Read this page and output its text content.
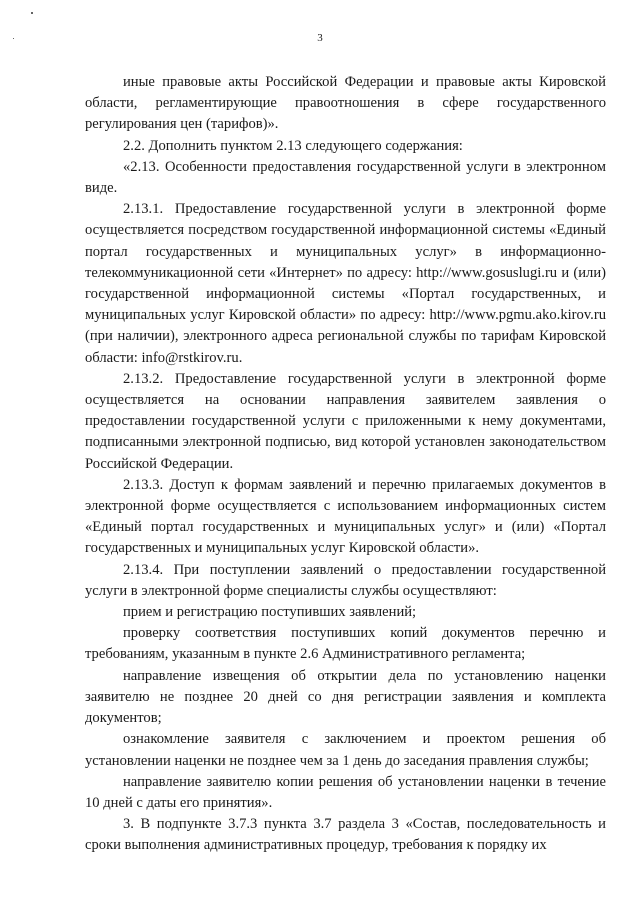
3

иные правовые акты Российской Федерации и правовые акты Кировской области, регламентирующие правоотношения в сфере государственного регулирования цен (тарифов)».

2.2. Дополнить пунктом 2.13 следующего содержания:

«2.13. Особенности предоставления государственной услуги в электронном виде.

2.13.1. Предоставление государственной услуги в электронной форме осуществляется посредством государственной информационной системы «Единый портал государственных и муниципальных услуг» в информационно-телекоммуникационной сети «Интернет» по адресу: http://www.gosuslugi.ru и (или) государственной информационной системы «Портал государственных, и муниципальных услуг Кировской области» по адресу: http://www.pgmu.ako.kirov.ru (при наличии), электронного адреса региональной службы по тарифам Кировской области: info@rstkirov.ru.

2.13.2. Предоставление государственной услуги в электронной форме осуществляется на основании направления заявителем заявления о предоставлении государственной услуги с приложенными к нему документами, подписанными электронной подписью, вид которой установлен законодательством Российской Федерации.

2.13.3. Доступ к формам заявлений и перечню прилагаемых документов в электронной форме осуществляется с использованием информационных систем «Единый портал государственных и муниципальных услуг» и (или) «Портал государственных и муниципальных услуг Кировской области».

2.13.4. При поступлении заявлений о предоставлении государственной услуги в электронной форме специалисты службы осуществляют:

прием и регистрацию поступивших заявлений;

проверку соответствия поступивших копий документов перечню и требованиям, указанным в пункте 2.6 Административного регламента;

направление извещения об открытии дела по установлению наценки заявителю не позднее 20 дней со дня регистрации заявления и комплекта документов;

ознакомление заявителя с заключением и проектом решения об установлении наценки не позднее чем за 1 день до заседания правления службы;

направление заявителю копии решения об установлении наценки в течение 10 дней с даты его принятия».

3. В подпункте 3.7.3 пункта 3.7 раздела 3 «Состав, последовательность и сроки выполнения административных процедур, требования к порядку их
